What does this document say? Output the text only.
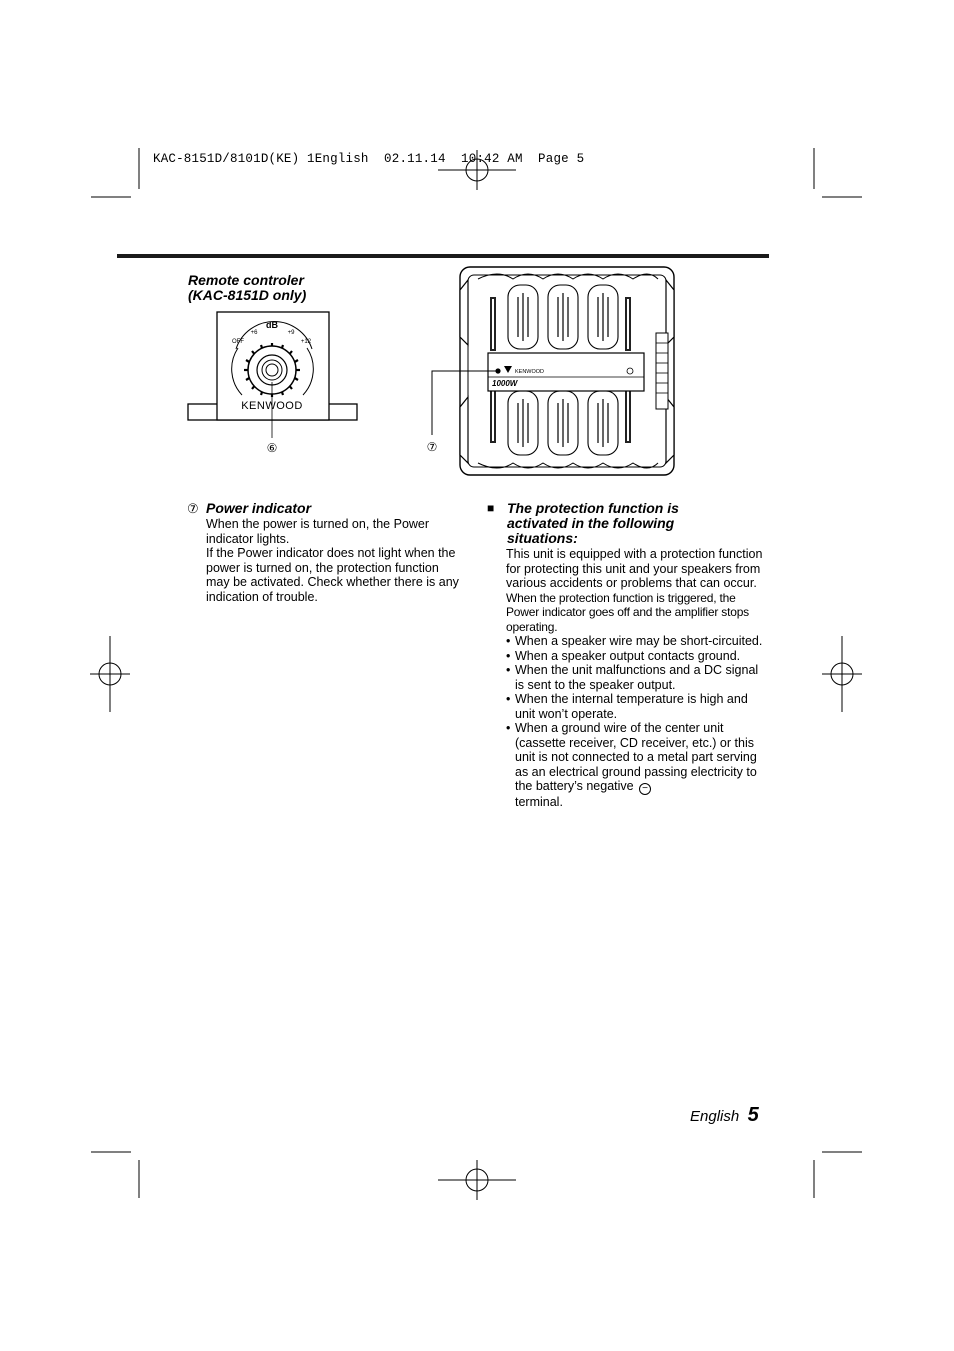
KAC-8151D/8101D(KE) 1English  02.11.14  10:42 AM  Page 5
Remote controler
(KAC-8151D only)
dB
+6	+9
OFF	+12
KENWOOD
⑥
KENWOOD
1000W
⑦
⑦ Power indicator

When the power is turned on, the Power indicator lights.

If the Power indicator does not light when the power is turned on, the protection function may be activated. Check whether there is any indication of trouble.

■ The protection function is activated in the following situations:

This unit is equipped with a protection function for protecting this unit and your speakers from various accidents or problems that can occur.

When the protection function is triggered, the Power indicator goes off and the amplifier stops operating.

• When a speaker wire may be short-circuited.
• When a speaker output contacts ground.
• When the unit malfunctions and a DC signal is sent to the speaker output.
• When the internal temperature is high and unit won’t operate.
• When a ground wire of the center unit (cassette receiver, CD receiver, etc.) or this unit is not connected to a metal part serving as an electrical ground passing electricity to the battery’s negative −
terminal.
English 5
